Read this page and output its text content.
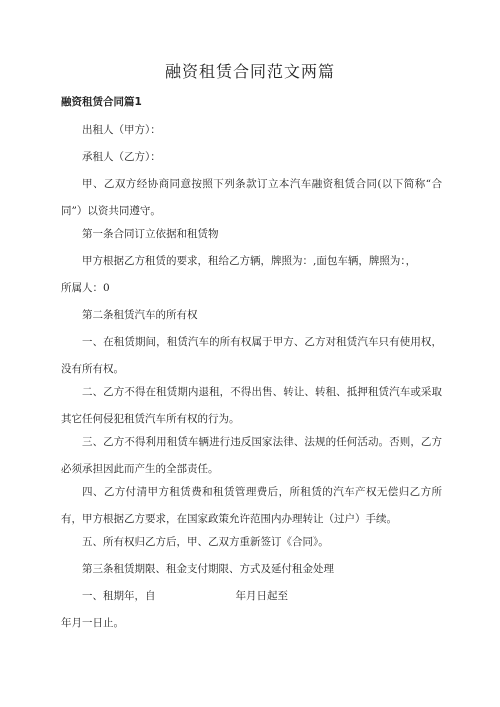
融资租赁合同范文两篇
融资租赁合同篇1

出租人（甲方）：

承租人（乙方）：

甲、乙双方经协商同意按照下列条款订立本汽车融资租赁合同(以下简称“合同”）以资共同遵守。

第一条合同订立依据和租赁物

甲方根据乙方租赁的要求，租给乙方辆，牌照为：,面包车辆，牌照为：，

所属人：0

第二条租赁汽车的所有权

一、在租赁期间，租赁汽车的所有权属于甲方、乙方对租赁汽车只有使用权，没有所有权。

二、乙方不得在租赁期内退租，不得出售、转让、转租、抵押租赁汽车或采取其它任何侵犯租赁汽车所有权的行为。

三、乙方不得利用租赁车辆进行违反国家法律、法规的任何活动。否则，乙方必须承担因此而产生的全部责任。

四、乙方付清甲方租赁费和租赁管理费后，所租赁的汽车产权无偿归乙方所有，甲方根据乙方要求，在国家政策允许范围内办理转让（过户）手续。

五、所有权归乙方后，甲、乙双方重新签订《合同》。

第三条租赁期限、租金支付期限、方式及延付租金处理

一、租期年，自	年月日起至

年月一日止。
